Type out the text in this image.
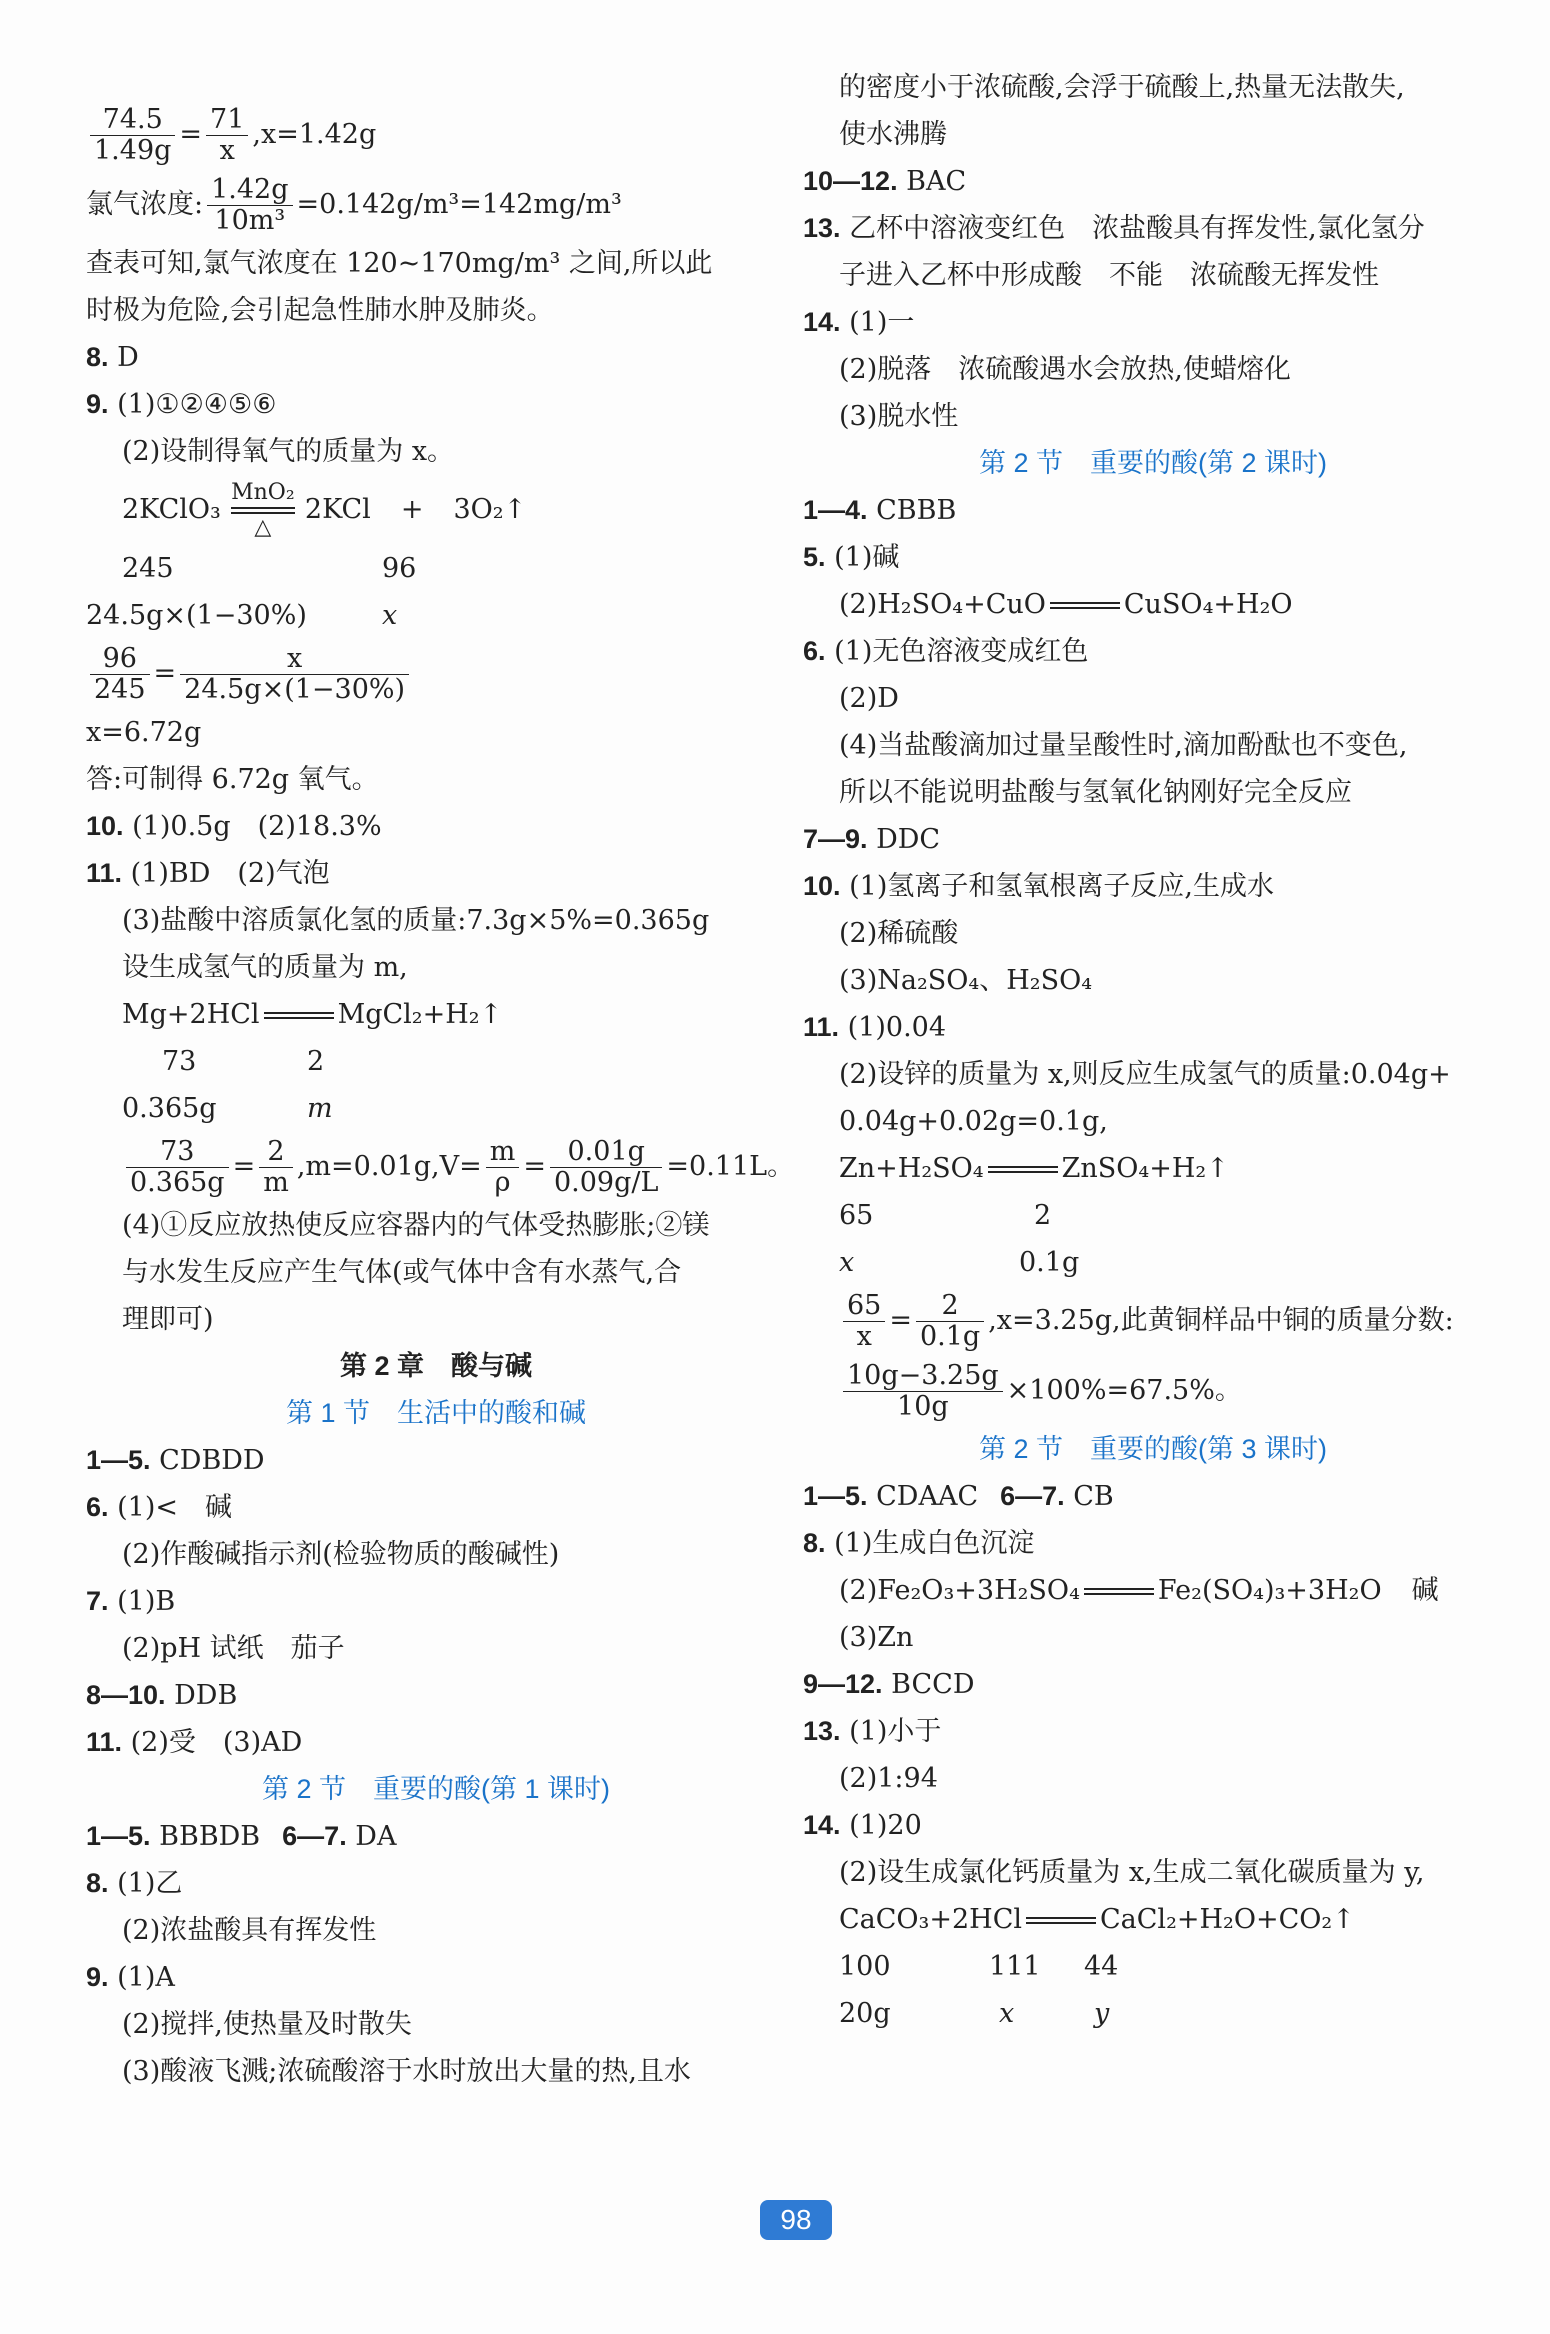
$\frac{74.5}{1.49g} = \frac{71}{x} ,x=1.42g$
氯气浓度: $\frac{1.42g}{\text{10m³}} =0.142g/m^3=142mg/m^3$
查表可知,氯气浓度在 120~170mg/m³ 之间,所以此
时极为危险,会引起急性肺水肿及肺炎。
8. D
9. (1)①②④⑤⑥
(2)设制得氧气的质量为 x。
2KClO₃MnO₂
△2KCl + 3O₂↑
245	96
24.5g×(1−30%)	x
$\frac{96}{245} = \frac{x}{24.5g\times(1-30\%)}$
x=6.72g
答:可制得 6.72g 氧气。
10. (1)0.5g　(2)18.3%
11. (1)BD　(2)气泡
(3)盐酸中溶质氯化氢的质量:7.3g×5%=0.365g
设生成氢气的质量为 m,
Mg+2HCl	MgCl₂+H₂↑
73	2
0.365g	m
$\frac{73}{0.365g} = \frac{2}{m} ,m=0.01g,V= \frac{m}{\rho} = \frac{0.01g}{0.09g/L} =0.11L$。
(4)①反应放热使反应容器内的气体受热膨胀;②镁
与水发生反应产生气体(或气体中含有水蒸气,合
理即可)
第 2 章　酸与碱
第 1 节　生活中的酸和碱
1—5. CDBDD
6. (1)<　碱
(2)作酸碱指示剂(检验物质的酸碱性)
7. (1)B
(2)pH 试纸　茄子
8—10. DDB
11. (2)受　(3)AD
第 2 节　重要的酸(第 1 课时)
1—5. BBBDB 6—7. DA
8. (1)乙
(2)浓盐酸具有挥发性
9. (1)A
(2)搅拌,使热量及时散失
(3)酸液飞溅;浓硫酸溶于水时放出大量的热,且水
的密度小于浓硫酸,会浮于硫酸上,热量无法散失,
使水沸腾
10—12. BAC
13. 乙杯中溶液变红色　浓盐酸具有挥发性,氯化氢分
子进入乙杯中形成酸　不能　浓硫酸无挥发性
14. (1)一
(2)脱落　浓硫酸遇水会放热,使蜡熔化
(3)脱水性
第 2 节　重要的酸(第 2 课时)
1—4. CBBB
5. (1)碱
(2)H₂SO₄+CuO	CuSO₄+H₂O
6. (1)无色溶液变成红色
(2)D
(4)当盐酸滴加过量呈酸性时,滴加酚酞也不变色,
所以不能说明盐酸与氢氧化钠刚好完全反应
7—9. DDC
10. (1)氢离子和氢氧根离子反应,生成水
(2)稀硫酸
(3)Na₂SO₄、H₂SO₄
11. (1)0.04
(2)设锌的质量为 x,则反应生成氢气的质量:0.04g+
0.04g+0.02g=0.1g,
Zn+H₂SO₄	ZnSO₄+H₂↑
65	2
x	0.1g
$\frac{65}{x} = \frac{2}{0.1g} ,x=3.25g$,此黄铜样品中铜的质量分数:
$\frac{10g-3.25g}{10g} \times 100\%=67.5\%$。
第 2 节　重要的酸(第 3 课时)
1—5. CDAAC 6—7. CB
8. (1)生成白色沉淀
(2)Fe₂O₃+3H₂SO₄	Fe₂(SO₄)₃+3H₂O 碱
(3)Zn
9—12. BCCD
13. (1)小于
(2)1:94
14. (1)20
(2)设生成氯化钙质量为 x,生成二氧化碳质量为 y,
CaCO₃+2HCl	CaCl₂+H₂O+CO₂↑
100	111 44
20g	x	y
98
